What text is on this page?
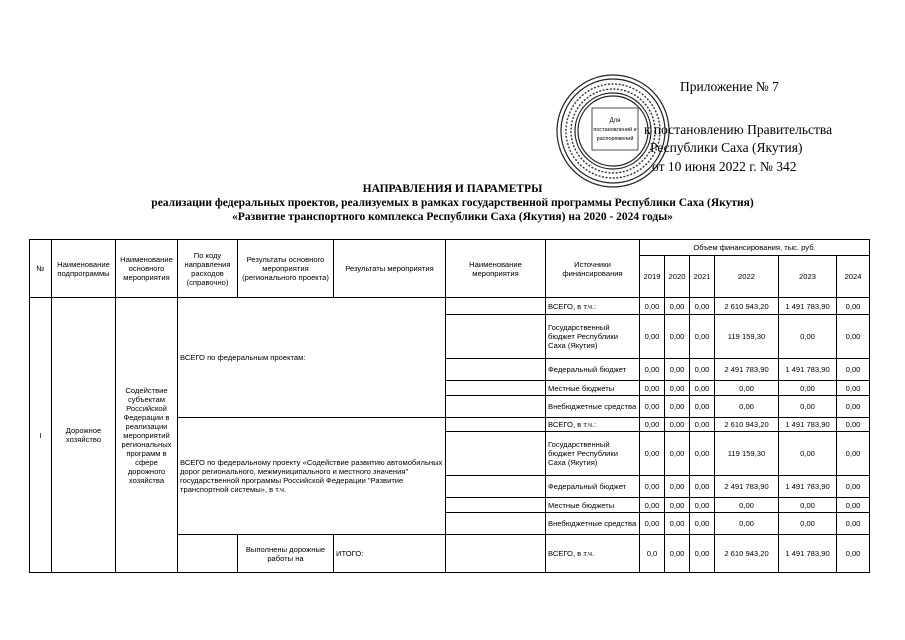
Для
постановлений и
распоряжений
Приложение № 7
к постановлению Правительства
Республики Саха (Якутия)
от 10 июня 2022 г. № 342
НАПРАВЛЕНИЯ И ПАРАМЕТРЫ
реализации федеральных проектов, реализуемых в рамках государственной программы Республики Саха (Якутия)
«Развитие транспортного комплекса Республики Саха (Якутия) на 2020 - 2024 годы»
№	Наименование подпрограммы	Наименование основного мероприятия	По коду направления расходов (справочно)	Результаты основного мероприятия (регионального проекта)	Результаты мероприятия	Наименование мероприятия	Источники финансирования	Объем финансирования, тыс. руб.					
								2019	2020	2021	2022	2023	2024
I	Дорожное хозяйство	Содействие субъектам Российской Федерации в реализации мероприятий региональных программ в сфере дорожного хозяйства	ВСЕГО по федеральным проектам:				ВСЕГО, в т.ч.:	0,00	0,00	0,00	2 610 943,20	1 491 783,90	0,00
							Государственный бюджет Республики Саха (Якутия)	0,00	0,00	0,00	119 159,30	0,00	0,00
							Федеральный бюджет	0,00	0,00	0,00	2 491 783,90	1 491 783,90	0,00
							Местные бюджеты	0,00	0,00	0,00	0,00	0,00	0,00
							Внебюджетные средства	0,00	0,00	0,00	0,00	0,00	0,00
			ВСЕГО по федеральному проекту «Содействие развитию автомобильных дорог регионального, межмуниципального и местного значения" государственной программы Российской Федерации "Развитие транспортной системы», в т.ч.				ВСЕГО, в т.ч.:	0,00	0,00	0,00	2 610 943,20	1 491 783,90	0,00
							Государственный бюджет Республики Саха (Якутия)	0,00	0,00	0,00	119 159,30	0,00	0,00
							Федеральный бюджет	0,00	0,00	0,00	2 491 783,90	1 491 783,90	0,00
							Местные бюджеты	0,00	0,00	0,00	0,00	0,00	0,00
							Внебюджетные средства	0,00	0,00	0,00	0,00	0,00	0,00
				Выполнены дорожные работы на	ИТОГО:		ВСЕГО, в т.ч.	0,0	0,00	0,00	2 610 943,20	1 491 783,90	0,00
